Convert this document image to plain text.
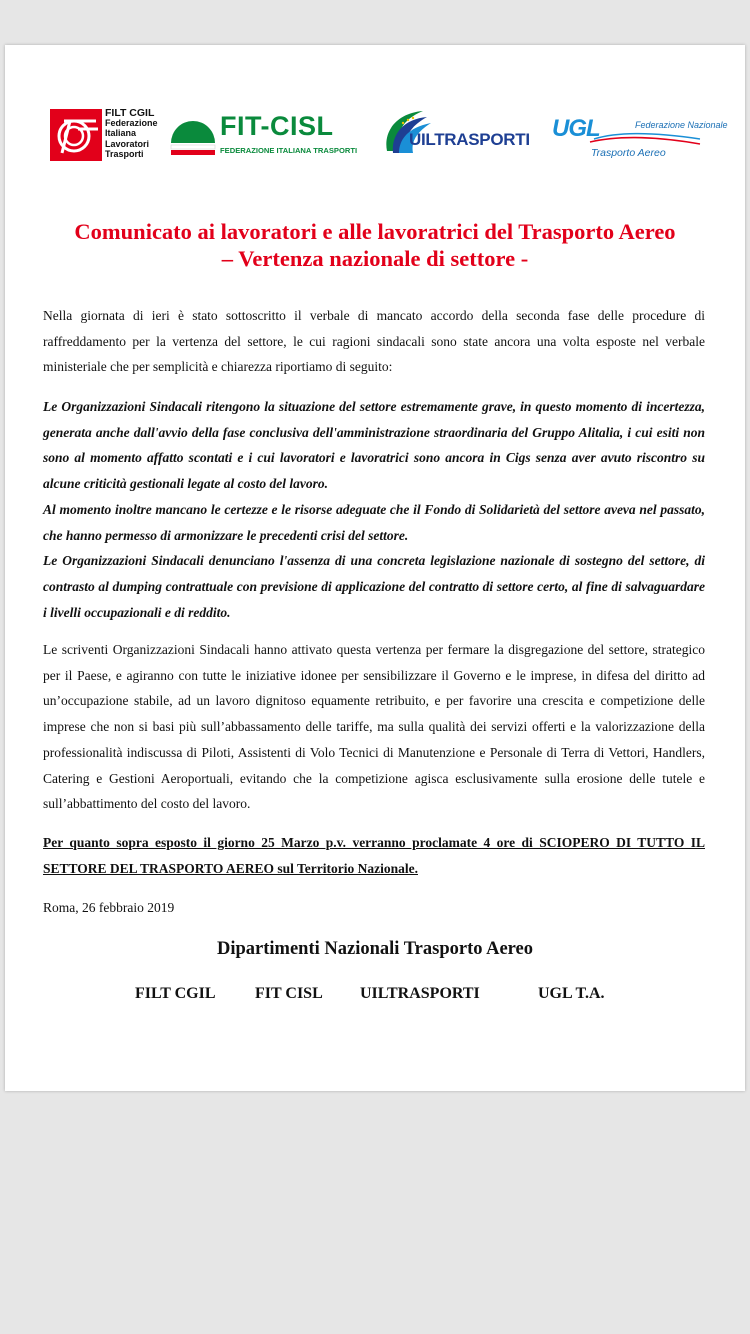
FILT CGIL
Federazione
Italiana
Lavoratori
Trasporti
FIT-CISL
FEDERAZIONE ITALIANA TRASPORTI
UILTRASPORTI UGL	Federazione Nazionale
Trasporto Aereo
Comunicato ai lavoratori e alle lavoratrici del Trasporto Aereo
– Vertenza nazionale di settore -
Nella giornata di ieri è stato sottoscritto il verbale di mancato accordo della seconda fase delle procedure di raffreddamento per la vertenza del settore, le cui ragioni sindacali sono state ancora una volta esposte nel verbale ministeriale che per semplicità e chiarezza riportiamo di seguito:
Le Organizzazioni Sindacali ritengono la situazione del settore estremamente grave, in questo momento di incertezza, generata anche dall'avvio della fase conclusiva dell'amministrazione straordinaria del Gruppo Alitalia, i cui esiti non sono al momento affatto scontati e i cui lavoratori e lavoratrici sono ancora in Cigs senza aver avuto riscontro su alcune criticità gestionali legate al costo del lavoro.
Al momento inoltre mancano le certezze e le risorse adeguate che il Fondo di Solidarietà del settore aveva nel passato, che hanno permesso di armonizzare le precedenti crisi del settore.
Le Organizzazioni Sindacali denunciano l'assenza di una concreta legislazione nazionale di sostegno del settore, di contrasto al dumping contrattuale con previsione di applicazione del contratto di settore certo, al fine di salvaguardare i livelli occupazionali e di reddito.
Le scriventi Organizzazioni Sindacali hanno attivato questa vertenza per fermare la disgregazione del settore, strategico per il Paese, e agiranno con tutte le iniziative idonee per sensibilizzare il Governo e le imprese, in difesa del diritto ad un’occupazione stabile, ad un lavoro dignitoso equamente retribuito, e per favorire una crescita e competizione delle imprese che non si basi più sull’abbassamento delle tariffe, ma sulla qualità dei servizi offerti e la valorizzazione della professionalità indiscussa di Piloti, Assistenti di Volo Tecnici di Manutenzione e Personale di Terra di Vettori, Handlers, Catering e Gestioni Aeroportuali, evitando che la competizione agisca esclusivamente sulla erosione delle tutele e sull’abbattimento del costo del lavoro.
Per quanto sopra esposto il giorno 25 Marzo p.v. verranno proclamate 4 ore di SCIOPERO DI TUTTO IL SETTORE DEL TRASPORTO AEREO sul Territorio Nazionale.
Roma, 26 febbraio 2019
Dipartimenti Nazionali Trasporto Aereo
FILT CGIL FIT CISL UILTRASPORTI	UGL T.A.
